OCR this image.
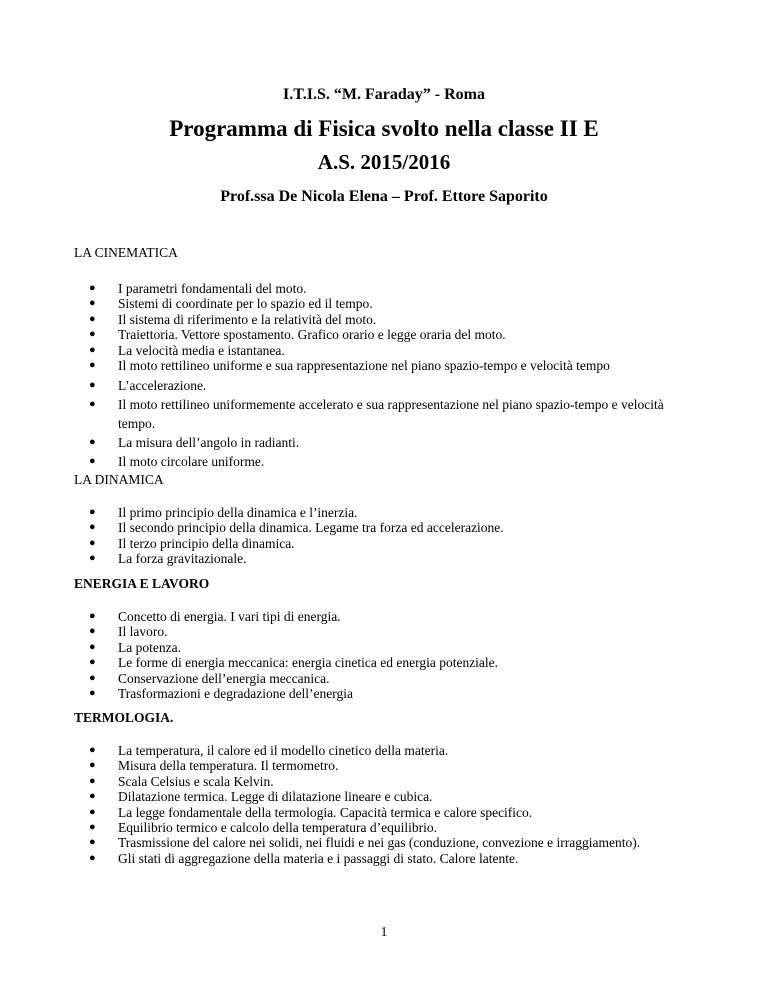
I.T.I.S. “M. Faraday” - Roma
Programma di Fisica svolto nella classe II E
A.S. 2015/2016
Prof.ssa De Nicola Elena – Prof. Ettore Saporito
LA CINEMATICA
● I parametri fondamentali del moto.
● Sistemi di coordinate per lo spazio ed il tempo.
● Il sistema di riferimento e la relatività del moto.
● Traiettoria. Vettore spostamento. Grafico orario e legge oraria del moto.
● La velocità media e istantanea.
● Il moto rettilineo uniforme e sua rappresentazione nel piano spazio-tempo e velocità tempo
● L’accelerazione.
● Il moto rettilineo uniformemente accelerato e sua rappresentazione nel piano spazio-tempo e velocità tempo.
● La misura dell’angolo in radianti.
● Il moto circolare uniforme.
LA DINAMICA
● Il primo principio della dinamica e l’inerzia.
● Il secondo principio della dinamica. Legame tra forza ed accelerazione.
● Il terzo principio della dinamica.
● La forza gravitazionale.
ENERGIA E LAVORO
● Concetto di energia. I vari tipi di energia.
● Il lavoro.
● La potenza.
● Le forme di energia meccanica: energia cinetica ed energia potenziale.
● Conservazione dell’energia meccanica.
● Trasformazioni e degradazione dell’energia
TERMOLOGIA.
● La temperatura, il calore ed il modello cinetico della materia.
● Misura della temperatura. Il termometro.
● Scala Celsius e scala Kelvin.
● Dilatazione termica. Legge di dilatazione lineare e cubica.
● La legge fondamentale della termologia. Capacità termica e calore specifico.
● Equilibrio termico e calcolo della temperatura d’equilibrio.
● Trasmissione del calore nei solidi, nei fluidi e nei gas (conduzione, convezione e irraggiamento).
● Gli stati di aggregazione della materia e i passaggi di stato. Calore latente.
1
